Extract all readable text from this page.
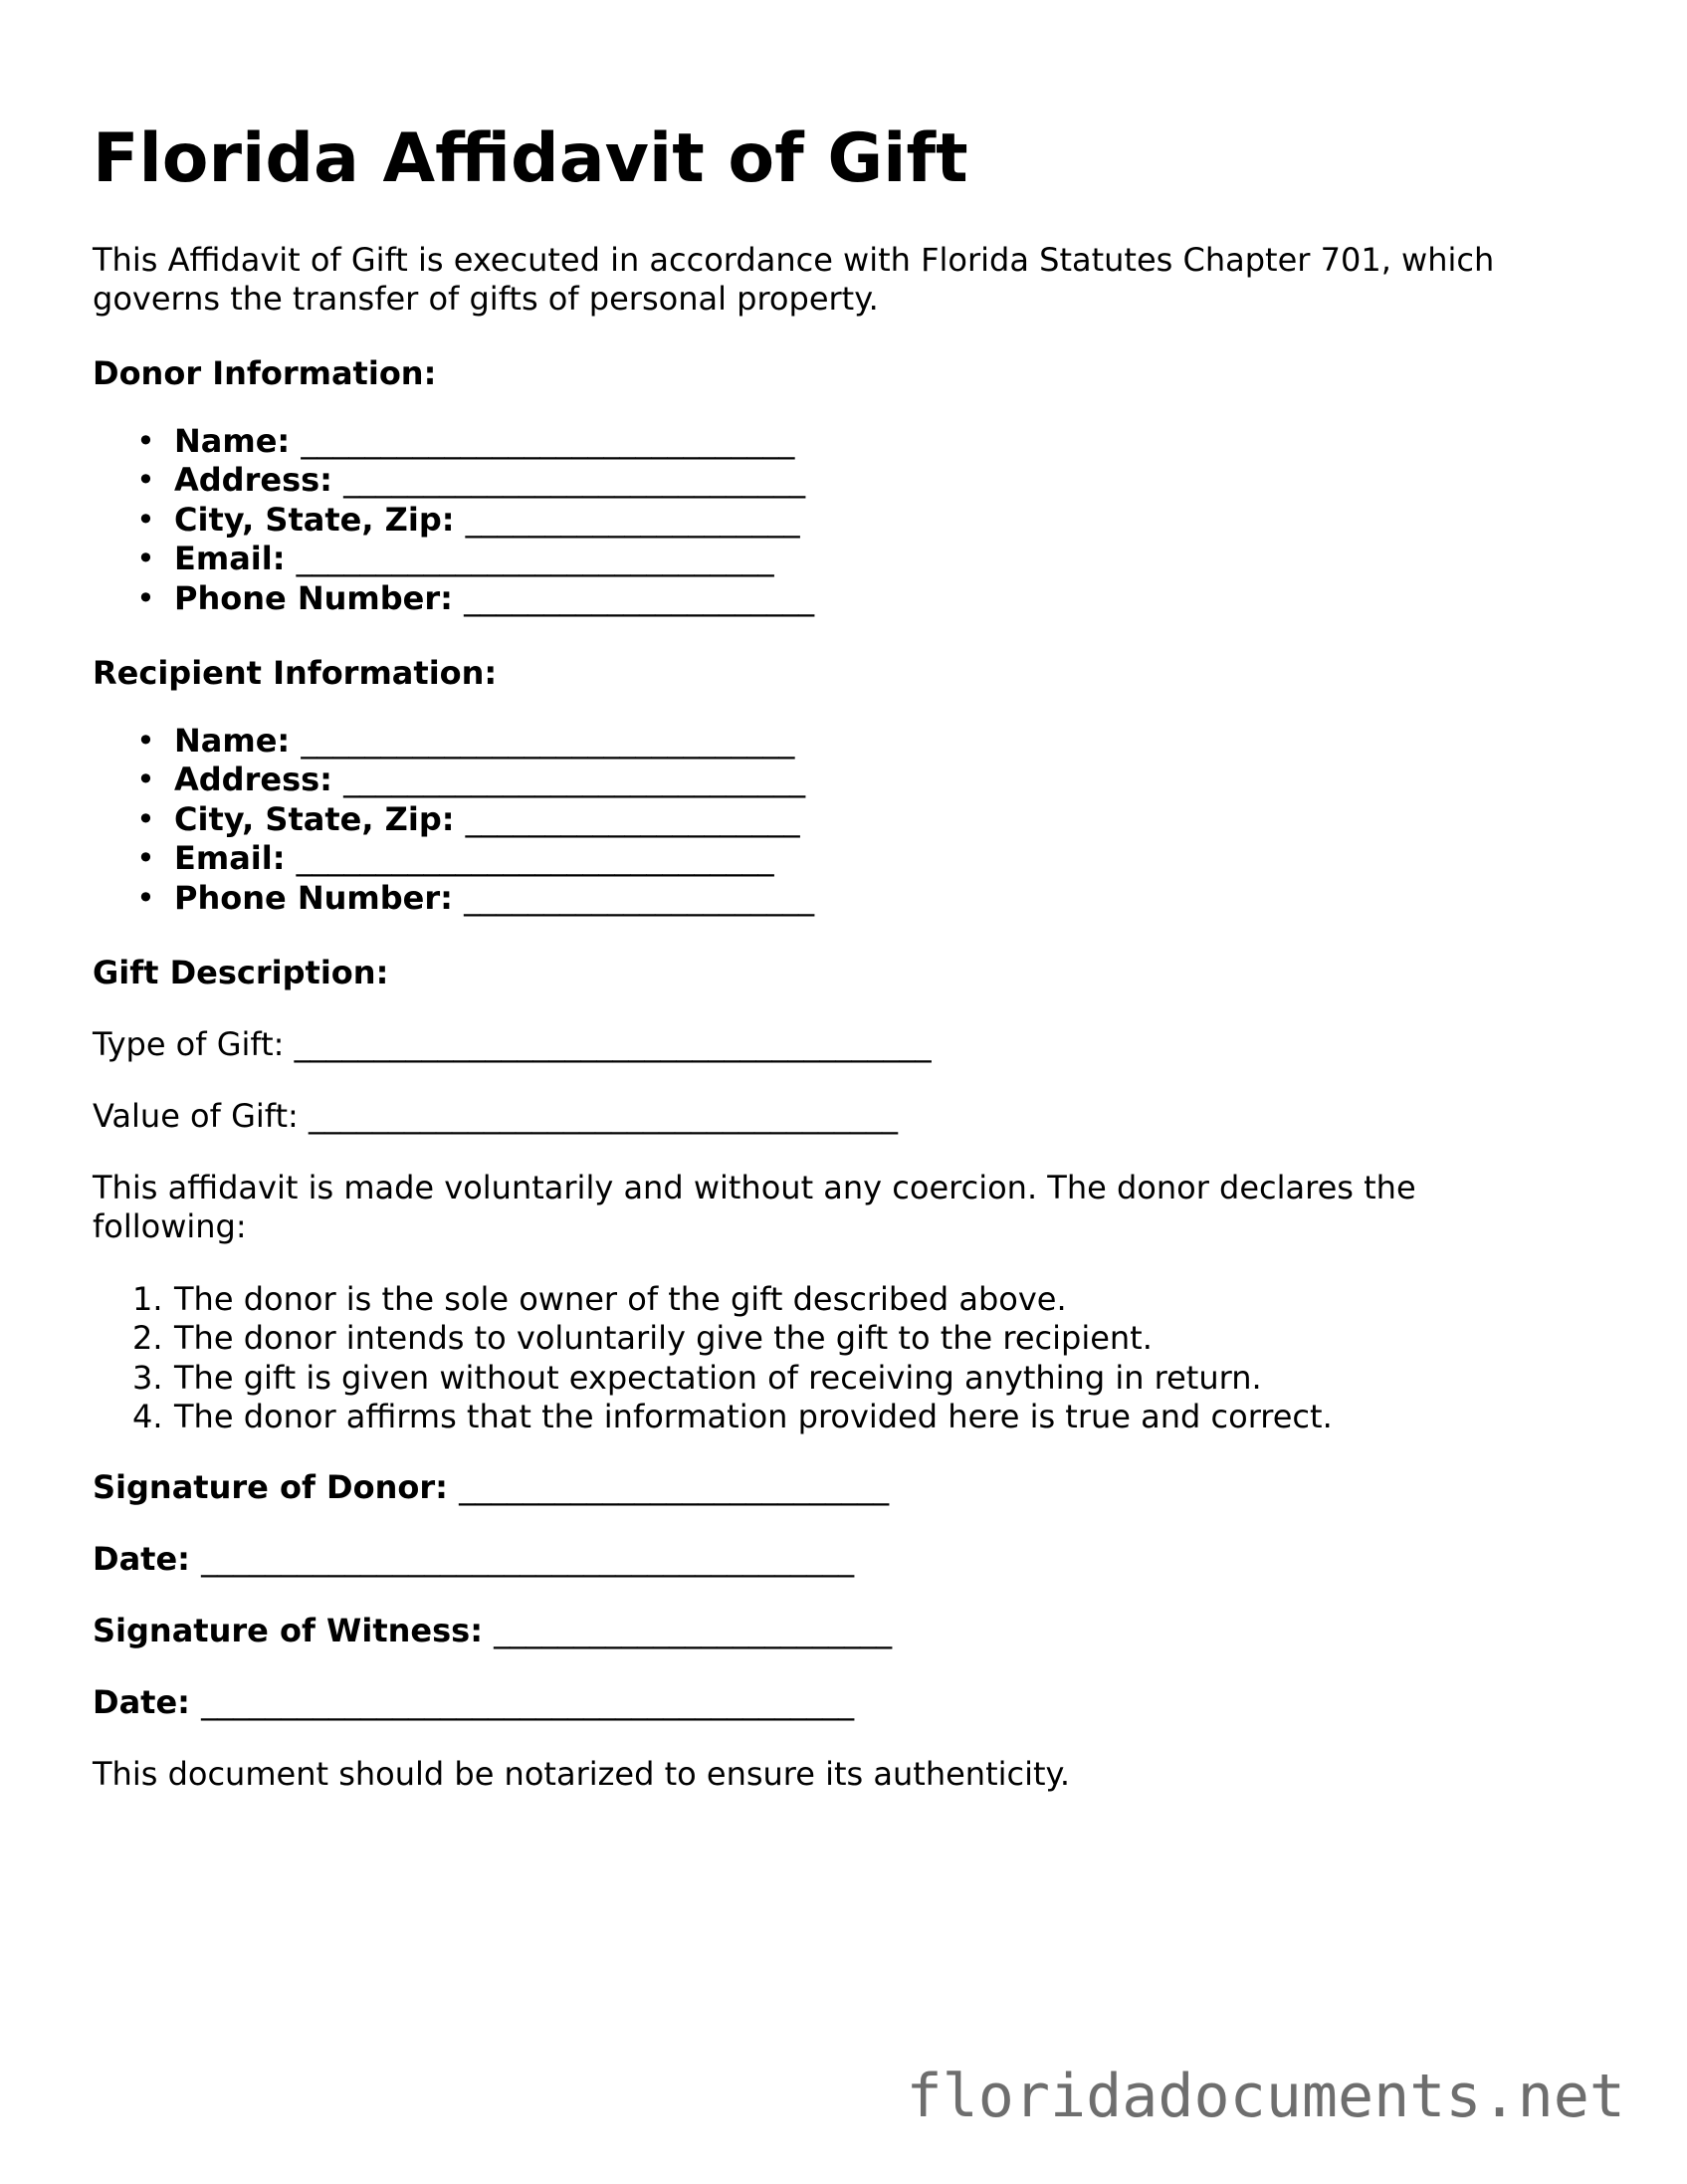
Florida Affidavit of Gift

This Affidavit of Gift is executed in accordance with Florida Statutes Chapter 701, which governs the transfer of gifts of personal property.

Donor Information:

• Name: _______________________________
• Address: _____________________________
• City, State, Zip: _____________________
• Email: ______________________________
• Phone Number: ______________________

Recipient Information:

• Name: _______________________________
• Address: _____________________________
• City, State, Zip: _____________________
• Email: ______________________________
• Phone Number: ______________________

Gift Description:

Type of Gift: ________________________________________

Value of Gift: _____________________________________

This affidavit is made voluntarily and without any coercion. The donor declares the following:

1. The donor is the sole owner of the gift described above.
2. The donor intends to voluntarily give the gift to the recipient.
3. The gift is given without expectation of receiving anything in return.
4. The donor affirms that the information provided here is true and correct.

Signature of Donor: ___________________________

Date: _________________________________________

Signature of Witness: _________________________

Date: _________________________________________

This document should be notarized to ensure its authenticity.

floridadocuments.net
